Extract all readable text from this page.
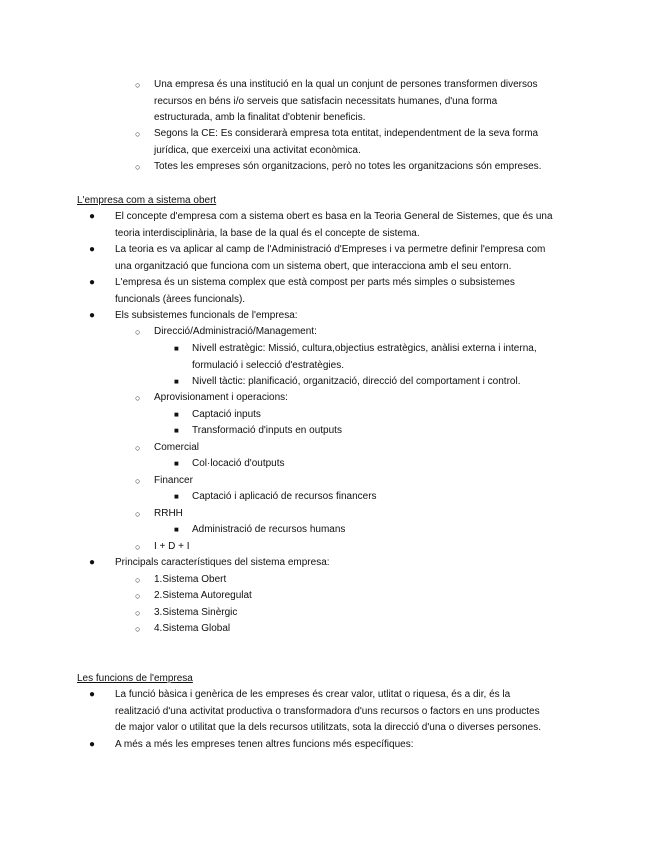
○ Una empresa és una institució en la qual un conjunt de persones transformen diversos
recursos en béns i/o serveis que satisfacin necessitats humanes, d'una forma
estructurada, amb la finalitat d'obtenir beneficis.
○ Segons la CE: Es considerarà empresa tota entitat, independentment de la seva forma
jurídica, que exerceixi una activitat econòmica.
○ Totes les empreses són organitzacions, però no totes les organitzacions són empreses.
L'empresa com a sistema obert
● El concepte d'empresa com a sistema obert es basa en la Teoria General de Sistemes, que és una
teoria interdisciplinària, la base de la qual és el concepte de sistema.
● La teoria es va aplicar al camp de l'Administració d'Empreses i va permetre definir l'empresa com
una organització que funciona com un sistema obert, que interacciona amb el seu entorn.
● L'empresa és un sistema complex que està compost per parts més simples o subsistemes
funcionals (àrees funcionals).
● Els subsistemes funcionals de l'empresa:
○ Direcció/Administració/Management:
■ Nivell estratègic: Missió, cultura,objectius estratègics, anàlisi externa i interna,
formulació i selecció d'estratègies.
■ Nivell tàctic: planificació, organització, direcció del comportament i control.
○ Aprovisionament i operacions:
■ Captació inputs
■ Transformació d'inputs en outputs
○ Comercial
■ Col·locació d'outputs
○ Financer
■ Captació i aplicació de recursos financers
○ RRHH
■ Administració de recursos humans
○ I + D + I
● Principals característiques del sistema empresa:
○ 1.Sistema Obert
○ 2.Sistema Autoregulat
○ 3.Sistema Sinèrgic
○ 4.Sistema Global
Les funcions de l'empresa
● La funció bàsica i genèrica de les empreses és crear valor, utlitat o riquesa, és a dir, és la
realització d'una activitat productiva o transformadora d'uns recursos o factors en uns productes
de major valor o utilitat que la dels recursos utilitzats, sota la direcció d'una o diverses persones.
● A més a més les empreses tenen altres funcions més específiques:
